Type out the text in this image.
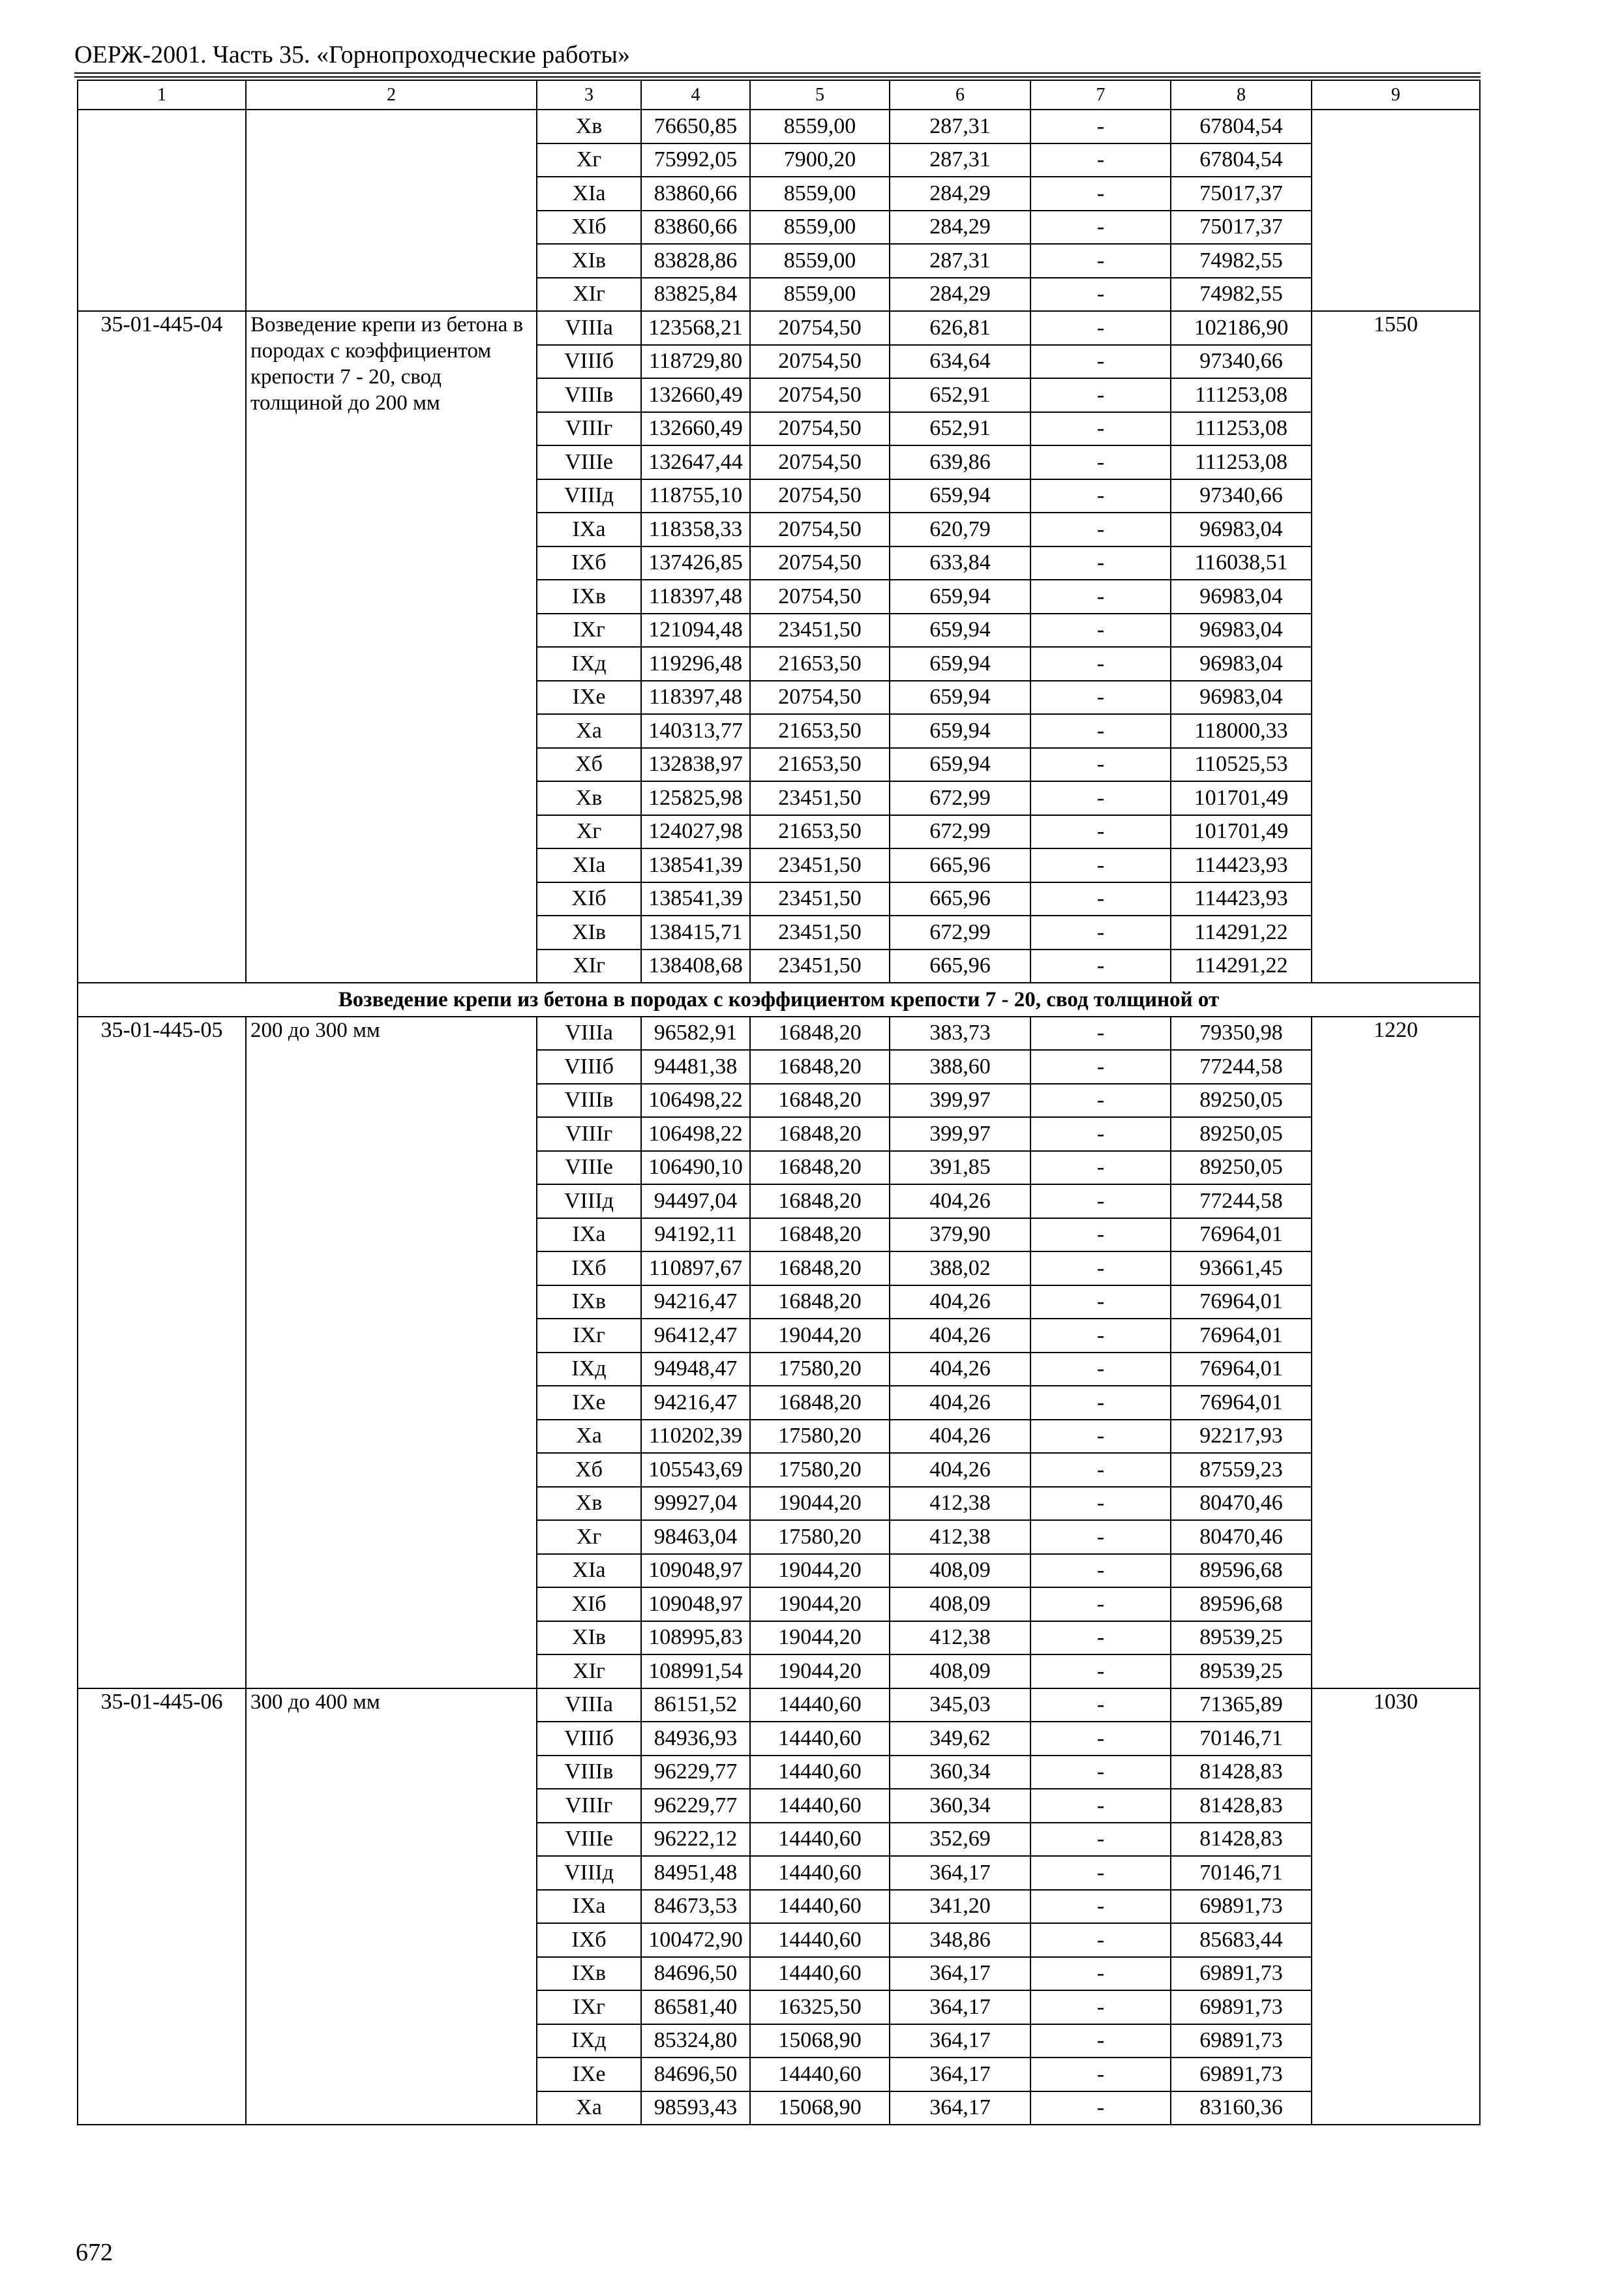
ОЕРЖ-2001. Часть 35. «Горнопроходческие работы»
1	2	3	4	5	6	7	8	9
		Xв	76650,85	8559,00	287,31	-	67804,54	
		Xг	75992,05	7900,20	287,31	-	67804,54	
		XIа	83860,66	8559,00	284,29	-	75017,37	
		XIб	83860,66	8559,00	284,29	-	75017,37	
		XIв	83828,86	8559,00	287,31	-	74982,55	
		XIг	83825,84	8559,00	284,29	-	74982,55	
35-01-445-04	Возведение крепи из бетона в породах с коэффициентом крепости 7 - 20, свод толщиной до 200 мм	VIIIа	123568,21	20754,50	626,81	-	102186,90	1550
		VIIIб	118729,80	20754,50	634,64	-	97340,66	
		VIIIв	132660,49	20754,50	652,91	-	111253,08	
		VIIIг	132660,49	20754,50	652,91	-	111253,08	
		VIIIе	132647,44	20754,50	639,86	-	111253,08	
		VIIIд	118755,10	20754,50	659,94	-	97340,66	
		IXа	118358,33	20754,50	620,79	-	96983,04	
		IXб	137426,85	20754,50	633,84	-	116038,51	
		IXв	118397,48	20754,50	659,94	-	96983,04	
		IXг	121094,48	23451,50	659,94	-	96983,04	
		IXд	119296,48	21653,50	659,94	-	96983,04	
		IXе	118397,48	20754,50	659,94	-	96983,04	
		Xа	140313,77	21653,50	659,94	-	118000,33	
		Xб	132838,97	21653,50	659,94	-	110525,53	
		Xв	125825,98	23451,50	672,99	-	101701,49	
		Xг	124027,98	21653,50	672,99	-	101701,49	
		XIа	138541,39	23451,50	665,96	-	114423,93	
		XIб	138541,39	23451,50	665,96	-	114423,93	
		XIв	138415,71	23451,50	672,99	-	114291,22	
		XIг	138408,68	23451,50	665,96	-	114291,22	
Возведение крепи из бетона в породах с коэффициентом крепости 7 - 20, свод толщиной от								
35-01-445-05	200 до 300 мм	VIIIа	96582,91	16848,20	383,73	-	79350,98	1220
		VIIIб	94481,38	16848,20	388,60	-	77244,58	
		VIIIв	106498,22	16848,20	399,97	-	89250,05	
		VIIIг	106498,22	16848,20	399,97	-	89250,05	
		VIIIе	106490,10	16848,20	391,85	-	89250,05	
		VIIIд	94497,04	16848,20	404,26	-	77244,58	
		IXа	94192,11	16848,20	379,90	-	76964,01	
		IXб	110897,67	16848,20	388,02	-	93661,45	
		IXв	94216,47	16848,20	404,26	-	76964,01	
		IXг	96412,47	19044,20	404,26	-	76964,01	
		IXд	94948,47	17580,20	404,26	-	76964,01	
		IXе	94216,47	16848,20	404,26	-	76964,01	
		Xа	110202,39	17580,20	404,26	-	92217,93	
		Xб	105543,69	17580,20	404,26	-	87559,23	
		Xв	99927,04	19044,20	412,38	-	80470,46	
		Xг	98463,04	17580,20	412,38	-	80470,46	
		XIа	109048,97	19044,20	408,09	-	89596,68	
		XIб	109048,97	19044,20	408,09	-	89596,68	
		XIв	108995,83	19044,20	412,38	-	89539,25	
		XIг	108991,54	19044,20	408,09	-	89539,25	
35-01-445-06	300 до 400 мм	VIIIа	86151,52	14440,60	345,03	-	71365,89	1030
		VIIIб	84936,93	14440,60	349,62	-	70146,71	
		VIIIв	96229,77	14440,60	360,34	-	81428,83	
		VIIIг	96229,77	14440,60	360,34	-	81428,83	
		VIIIе	96222,12	14440,60	352,69	-	81428,83	
		VIIIд	84951,48	14440,60	364,17	-	70146,71	
		IXа	84673,53	14440,60	341,20	-	69891,73	
		IXб	100472,90	14440,60	348,86	-	85683,44	
		IXв	84696,50	14440,60	364,17	-	69891,73	
		IXг	86581,40	16325,50	364,17	-	69891,73	
		IXд	85324,80	15068,90	364,17	-	69891,73	
		IXе	84696,50	14440,60	364,17	-	69891,73	
		Xа	98593,43	15068,90	364,17	-	83160,36	
672
